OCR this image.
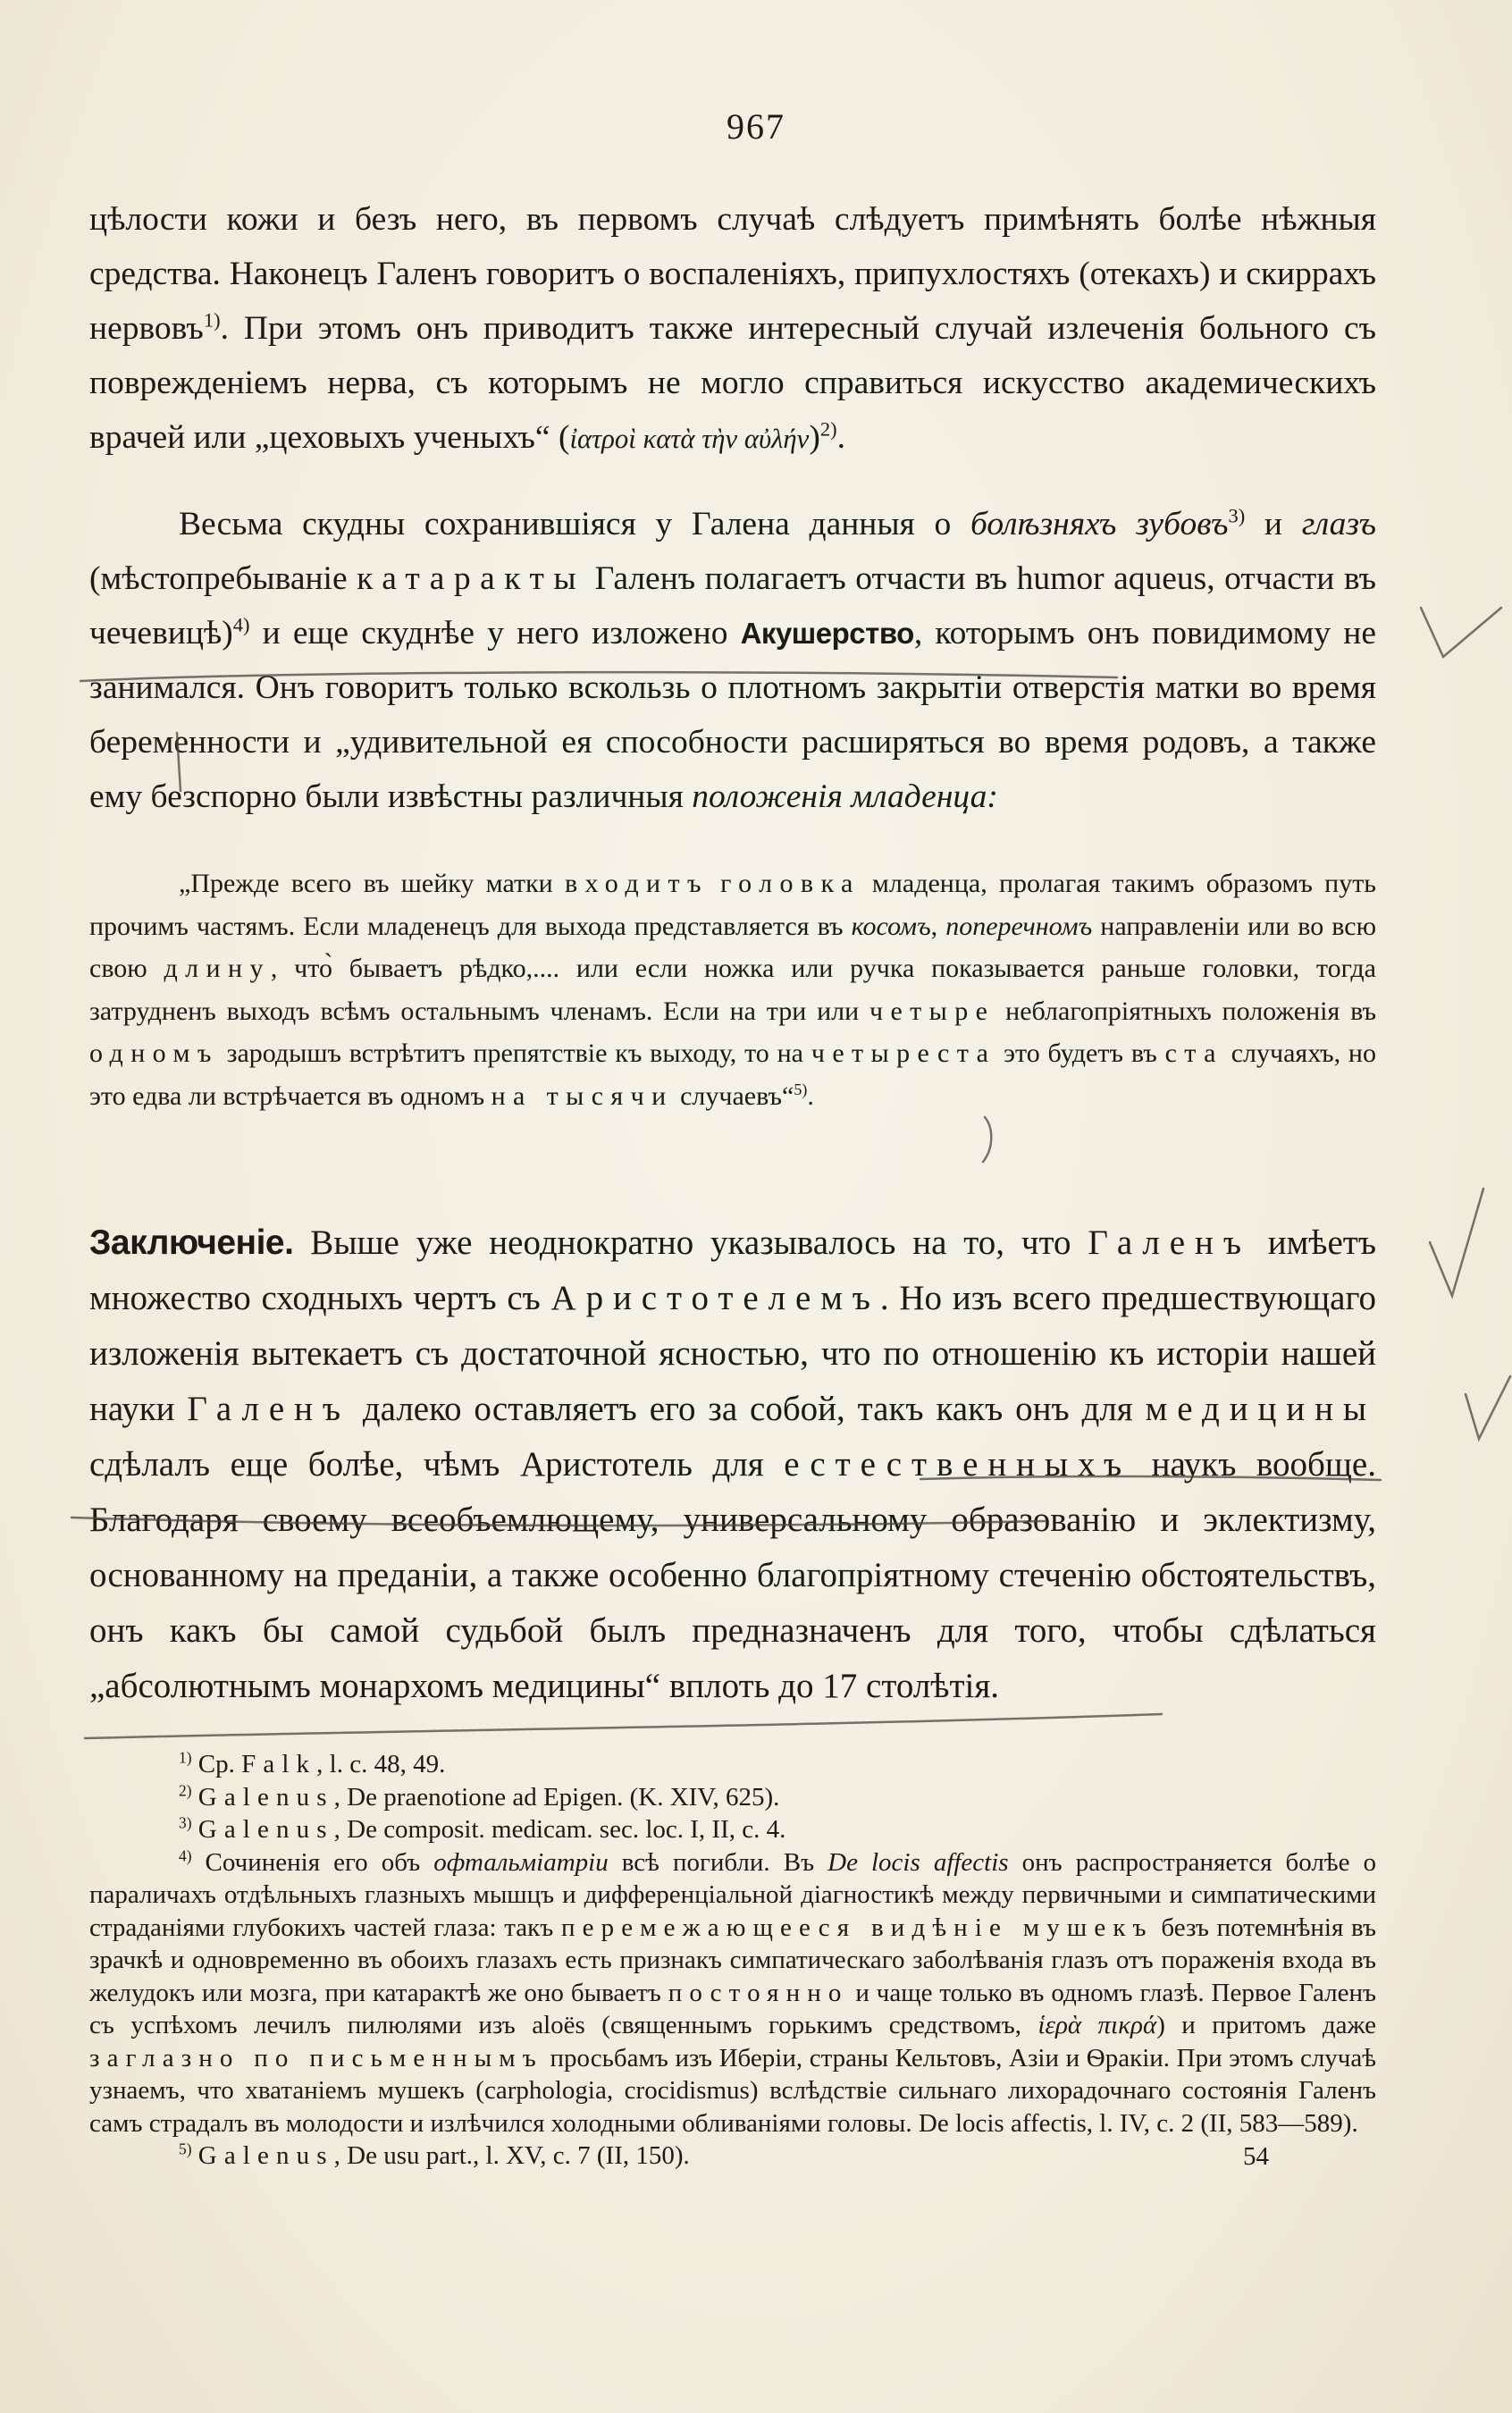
967

цѣлости кожи и безъ него, въ первомъ случаѣ слѣдуетъ примѣнять болѣе нѣжныя средства. Наконецъ Галенъ говоритъ о воспаленіяхъ, припухлостяхъ (отекахъ) и скиррахъ нервовъ$^{1)}$. При этомъ онъ приводитъ также интересный случай излеченія больного съ поврежденіемъ нерва, съ которымъ не могло справиться искусство академическихъ врачей или „цеховыхъ ученыхъ“ (ἰατροὶ κατὰ τὴν αὐλήν)$^{2)}$.

Весьма скудны сохранившіяся у Галена данныя о болѣзняхъ зубовъ$^{3)}$ и глазъ (мѣстопребываніе катаракты Галенъ полагаетъ отчасти въ humor aqueus, отчасти въ чечевицѣ)$^{4)}$ и еще скуднѣе у него изложено Акушерство, которымъ онъ повидимому не занимался. Онъ говоритъ только вскользь о плотномъ закрытіи отверстія матки во время беременности и „удивительной ея способности расширяться во время родовъ, а также ему безспорно были извѣстны различныя положенія младенца:

„Прежде всего въ шейку матки входитъ головка младенца, пролагая такимъ образомъ путь прочимъ частямъ. Если младенецъ для выхода представляется въ косомъ, поперечномъ направленіи или во всю свою длину, что̀ бываетъ рѣдко,.... или если ножка или ручка показывается раньше головки, тогда затрудненъ выходъ всѣмъ остальнымъ членамъ. Если на три или четыре неблагопріятныхъ положенія въ одномъ зародышъ встрѣтитъ препятствіе къ выходу, то на четыреста это будетъ въ ста случаяхъ, но это едва ли встрѣчается въ одномъ на тысячи случаевъ“$^{5)}$.

Заключеніе. Выше уже неоднократно указывалось на то, что Галенъ имѣетъ множество сходныхъ чертъ съ Аристотелемъ. Но изъ всего предшествующаго изложенія вытекаетъ съ достаточной ясностью, что по отношенію къ исторіи нашей науки Галенъ далеко оставляетъ его за собой, такъ какъ онъ для медицины сдѣлалъ еще болѣе, чѣмъ Аристотель для естественныхъ наукъ вообще. Благодаря своему всеобъемлющему, универсальному образованію и эклектизму, основанному на преданіи, а также особенно благопріятному стеченію обстоятельствъ, онъ какъ бы самой судьбой былъ предназначенъ для того, чтобы сдѣлаться „абсолютнымъ монархомъ медицины“ вплоть до 17 столѣтія.

$^{1)}$ Ср. Falk, l. c. 48, 49.

$^{2)}$ Galenus, De praenotione ad Epigen. (K. XIV, 625).

$^{3)}$ Galenus, De composit. medicam. sec. loc. I, II, c. 4.

$^{4)}$ Сочиненія его объ офтальміатріи всѣ погибли. Въ De locis affectis онъ распространяется болѣе о параличахъ отдѣльныхъ глазныхъ мышцъ и дифференціальной діагностикѣ между первичными и симпатическими страданіями глубокихъ частей глаза: такъ перемежающееся видѣніе мушекъ безъ потемнѣнія въ зрачкѣ и одновременно въ обоихъ глазахъ есть признакъ симпатическаго заболѣванія глазъ отъ пораженія входа въ желудокъ или мозга, при катарактѣ же оно бываетъ постоянно и чаще только въ одномъ глазѣ. Первое Галенъ съ успѣхомъ лечилъ пилюлями изъ aloës (священнымъ горькимъ средствомъ, ἱερὰ πικρά) и притомъ даже заглазно по письменнымъ просьбамъ изъ Иберіи, страны Кельтовъ, Азіи и Ѳракіи. При этомъ случаѣ узнаемъ, что хватаніемъ мушекъ (carphologia, crocidismus) вслѣдствіе сильнаго лихорадочнаго состоянія Галенъ самъ страдалъ въ молодости и излѣчился холодными обливаніями головы. De locis affectis, l. IV, c. 2 (II, 583—589).

$^{5)}$ Galenus, De usu part., l. XV, c. 7 (II, 150).	54
